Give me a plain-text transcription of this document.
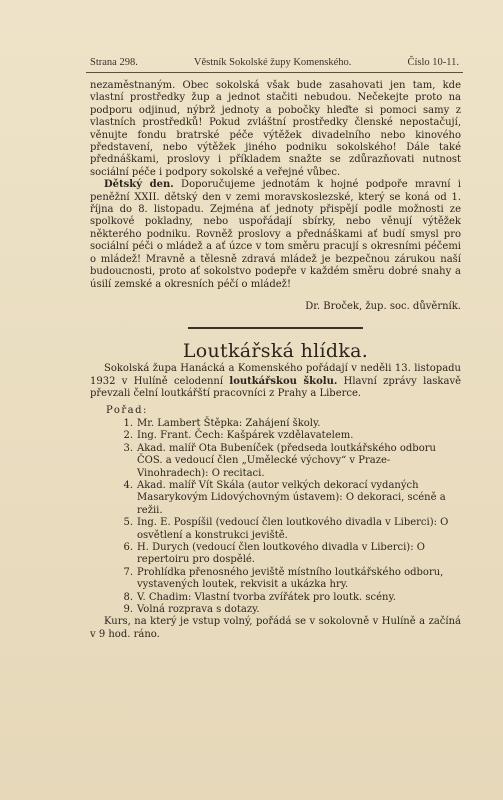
Strana 298.	Věstník Sokolské župy Komenského.	Číslo 10-11.

nezaměstnaným. Obec sokolská však bude zasahovati jen tam, kde vlastní prostředky žup a jednot stačiti nebudou. Nečekejte proto na podporu odjinud, nýbrž jednoty a pobočky hleďte si pomoci samy z vlastních prostředků! Pokud zvláštní prostředky členské nepostačují, věnujte fondu bratrské péče výtěžek divadelního nebo kinového představení, nebo výtěžek jiného podniku sokolského! Dále také přednáškami, proslovy i příkladem snažte se zdůrazňovati nutnost sociální péče i podpory sokolské a veřejné vůbec.

Dětský den. Doporučujeme jednotám k hojné podpoře mravní i peněžní XXII. dětský den v zemi moravskoslezské, který se koná od 1. října do 8. listopadu. Zejména ať jednoty přispějí podle možnosti ze spolkové pokladny, nebo uspořádají sbírky, nebo věnují výtěžek některého podniku. Rovněž proslovy a přednáškami ať budí smysl pro sociální péči o mládež a ať úzce v tom směru pracují s okresními péčemi o mládež! Mravně a tělesně zdravá mládež je bezpečnou zárukou naší budoucnosti, proto ať sokolstvo podepře v každém směru dobré snahy a úsilí zemské a okresních péčí o mládež!

Dr. Broček, žup. soc. důvěrník.

Loutkářská hlídka.

Sokolská župa Hanácká a Komenského pořádají v neděli 13. listopadu 1932 v Hulíně celodenní loutkářskou školu. Hlavní zprávy laskavě převzali čelní loutkářští pracovníci z Prahy a Liberce.

Pořad:
1. Mr. Lambert Štěpka: Zahájení školy.
2. Ing. Frant. Čech: Kašpárek vzdělavatelem.
3. Akad. malíř Ota Bubeníček (předseda loutkářského odboru ČOS. a vedoucí člen „Umělecké výchovy“ v Praze-Vinohradech): O recitaci.
4. Akad. malíř Vít Skála (autor velkých dekorací vydaných Masarykovým Lidovýchovným ústavem): O dekoraci, scéně a režii.
5. Ing. E. Pospíšil (vedoucí člen loutkového divadla v Liberci): O osvětlení a konstrukci jeviště.
6. H. Durych (vedoucí člen loutkového divadla v Liberci): O repertoiru pro dospělé.
7. Prohlídka přenosného jeviště místního loutkářského odboru, vystavených loutek, rekvisit a ukázka hry.
8. V. Chadim: Vlastní tvorba zvířátek pro loutk. scény.
9. Volná rozprava s dotazy.

Kurs, na který je vstup volný, pořádá se v sokolovně v Hulíně a začíná v 9 hod. ráno.
